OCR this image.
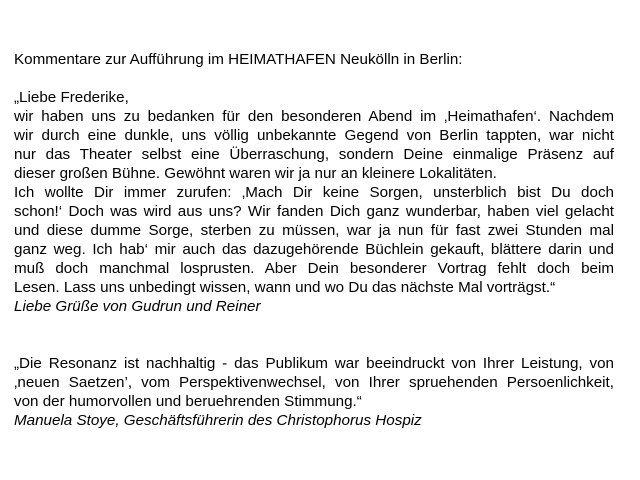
Kommentare zur Aufführung im HEIMATHAFEN Neukölln in Berlin:

„Liebe Frederike,
wir haben uns zu bedanken für den besonderen Abend im ‚Heimathafen‘. Nachdem
wir durch eine dunkle, uns völlig unbekannte Gegend von Berlin tappten, war nicht
nur das Theater selbst eine Überraschung, sondern Deine einmalige Präsenz auf
dieser großen Bühne. Gewöhnt waren wir ja nur an kleinere Lokalitäten.
Ich wollte Dir immer zurufen: ‚Mach Dir keine Sorgen, unsterblich bist Du doch
schon!‘ Doch was wird aus uns? Wir fanden Dich ganz wunderbar, haben viel gelacht
und diese dumme Sorge, sterben zu müssen, war ja nun für fast zwei Stunden mal
ganz weg. Ich hab‘ mir auch das dazugehörende Büchlein gekauft, blättere darin und
muß doch manchmal losprusten. Aber Dein besonderer Vortrag fehlt doch beim
Lesen. Lass uns unbedingt wissen, wann und wo Du das nächste Mal vorträgst.“
Liebe Grüße von Gudrun und Reiner
„Die Resonanz ist nachhaltig - das Publikum war beeindruckt von Ihrer Leistung, von
‚neuen Saetzen’, vom Perspektivenwechsel, von Ihrer spruehenden Persoenlichkeit,
von der humorvollen und beruehrenden Stimmung.“
Manuela Stoye, Geschäftsführerin des Christophorus Hospiz
